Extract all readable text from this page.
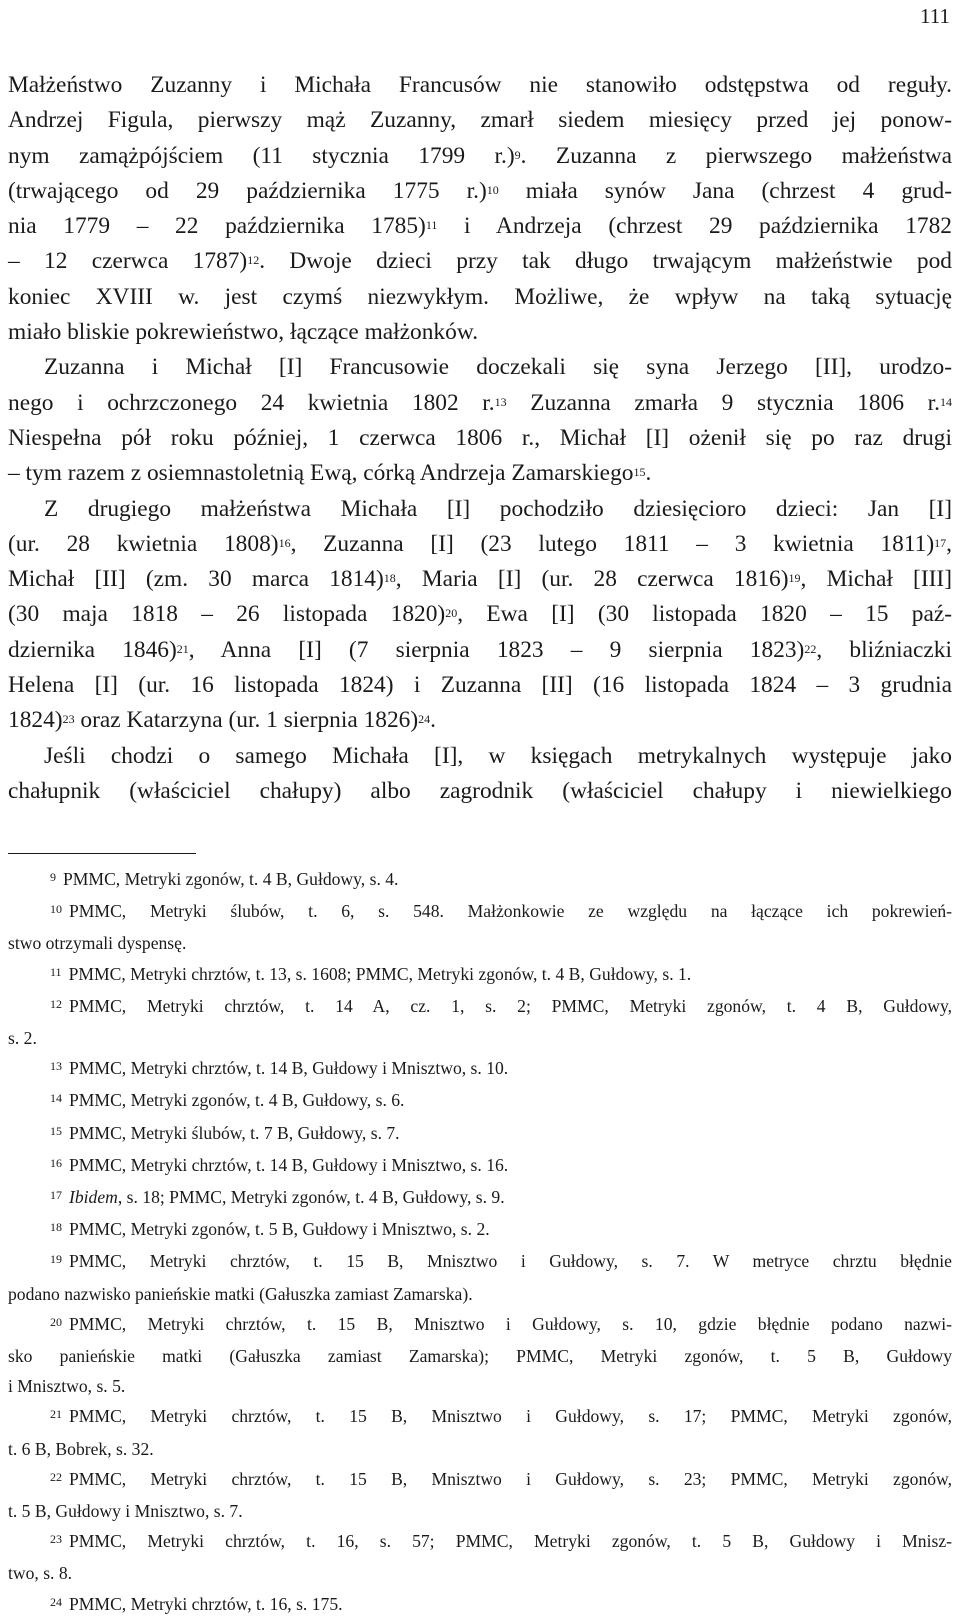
111

Małżeństwo Zuzanny i Michała Francusów nie stanowiło odstępstwa od reguły.
Andrzej Figula, pierwszy mąż Zuzanny, zmarł siedem miesięcy przed jej ponow-
nym zamążpójściem (11 stycznia 1799 r.)$^9$. Zuzanna z pierwszego małżeństwa
(trwającego od 29 października 1775 r.)$^{10}$ miała synów Jana (chrzest 4 grud-
nia 1779 – 22 października 1785)$^{11}$ i Andrzeja (chrzest 29 października 1782
– 12 czerwca 1787)$^{12}$. Dwoje dzieci przy tak długo trwającym małżeństwie pod
koniec XVIII w. jest czymś niezwykłym. Możliwe, że wpływ na taką sytuację
miało bliskie pokrewieństwo, łączące małżonków.

Zuzanna i Michał [I] Francusowie doczekali się syna Jerzego [II], urodzo-
nego i ochrzczonego 24 kwietnia 1802 r.$^{13}$ Zuzanna zmarła 9 stycznia 1806 r.$^{14}$
Niespełna pół roku później, 1 czerwca 1806 r., Michał [I] ożenił się po raz drugi
– tym razem z osiemnastoletnią Ewą, córką Andrzeja Zamarskiego$^{15}$.

Z drugiego małżeństwa Michała [I] pochodziło dziesięcioro dzieci: Jan [I]
(ur. 28 kwietnia 1808)$^{16}$, Zuzanna [I] (23 lutego 1811 – 3 kwietnia 1811)$^{17}$,
Michał [II] (zm. 30 marca 1814)$^{18}$, Maria [I] (ur. 28 czerwca 1816)$^{19}$, Michał [III]
(30 maja 1818 – 26 listopada 1820)$^{20}$, Ewa [I] (30 listopada 1820 – 15 paź-
dziernika 1846)$^{21}$, Anna [I] (7 sierpnia 1823 – 9 sierpnia 1823)$^{22}$, bliźniaczki
Helena [I] (ur. 16 listopada 1824) i Zuzanna [II] (16 listopada 1824 – 3 grudnia
1824)$^{23}$ oraz Katarzyna (ur. 1 sierpnia 1826)$^{24}$.

Jeśli chodzi o samego Michała [I], w księgach metrykalnych występuje jako
chałupnik (właściciel chałupy) albo zagrodnik (właściciel chałupy i niewielkiego

$^9$ PMMC, Metryki zgonów, t. 4 B, Gułdowy, s. 4.
$^{10}$ PMMC, Metryki ślubów, t. 6, s. 548. Małżonkowie ze względu na łączące ich pokrewień-
stwo otrzymali dyspensę.
$^{11}$ PMMC, Metryki chrztów, t. 13, s. 1608; PMMC, Metryki zgonów, t. 4 B, Gułdowy, s. 1.
$^{12}$ PMMC, Metryki chrztów, t. 14 A, cz. 1, s. 2; PMMC, Metryki zgonów, t. 4 B, Gułdowy,
s. 2.
$^{13}$ PMMC, Metryki chrztów, t. 14 B, Gułdowy i Mnisztwo, s. 10.
$^{14}$ PMMC, Metryki zgonów, t. 4 B, Gułdowy, s. 6.
$^{15}$ PMMC, Metryki ślubów, t. 7 B, Gułdowy, s. 7.
$^{16}$ PMMC, Metryki chrztów, t. 14 B, Gułdowy i Mnisztwo, s. 16.
$^{17}$ Ibidem, s. 18; PMMC, Metryki zgonów, t. 4 B, Gułdowy, s. 9.
$^{18}$ PMMC, Metryki zgonów, t. 5 B, Gułdowy i Mnisztwo, s. 2.
$^{19}$ PMMC, Metryki chrztów, t. 15 B, Mnisztwo i Gułdowy, s. 7. W metryce chrztu błędnie
podano nazwisko panieńskie matki (Gałuszka zamiast Zamarska).
$^{20}$ PMMC, Metryki chrztów, t. 15 B, Mnisztwo i Gułdowy, s. 10, gdzie błędnie podano nazwi-
sko panieńskie matki (Gałuszka zamiast Zamarska); PMMC, Metryki zgonów, t. 5 B, Gułdowy
i Mnisztwo, s. 5.
$^{21}$ PMMC, Metryki chrztów, t. 15 B, Mnisztwo i Gułdowy, s. 17; PMMC, Metryki zgonów,
t. 6 B, Bobrek, s. 32.
$^{22}$ PMMC, Metryki chrztów, t. 15 B, Mnisztwo i Gułdowy, s. 23; PMMC, Metryki zgonów,
t. 5 B, Gułdowy i Mnisztwo, s. 7.
$^{23}$ PMMC, Metryki chrztów, t. 16, s. 57; PMMC, Metryki zgonów, t. 5 B, Gułdowy i Mnisz-
two, s. 8.
$^{24}$ PMMC, Metryki chrztów, t. 16, s. 175.
